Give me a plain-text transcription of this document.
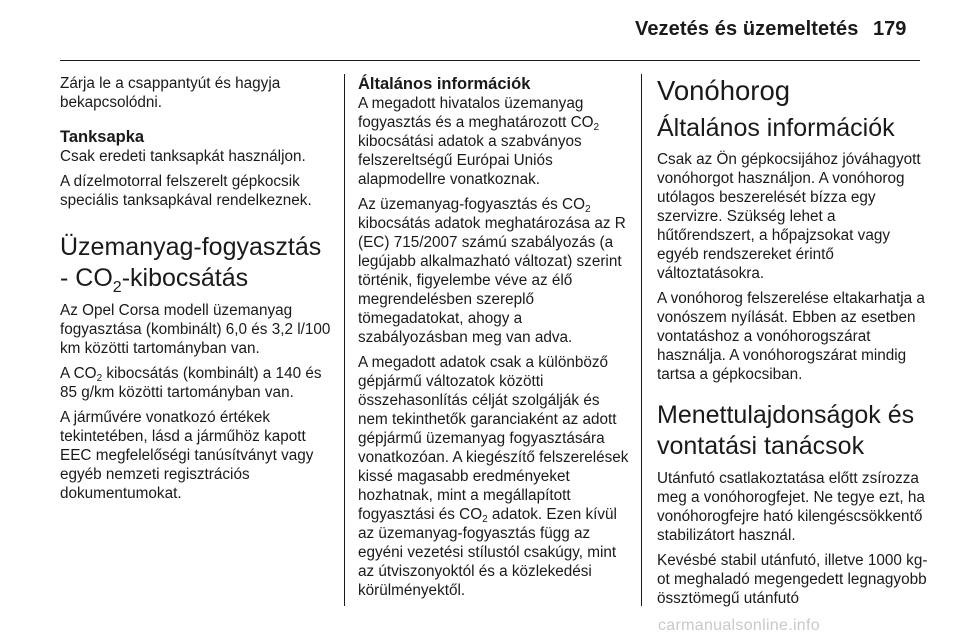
Vezetés és üzemeltetés 179

Zárja le a csappantyút és hagyja bekapcsolódni.

Tanksapka

Csak eredeti tanksapkát használjon.

A dízelmotorral felszerelt gépkocsik speciális tanksapkával rendelkeznek.

Üzemanyag-fogyasztás - $CO_2$-kibocsátás

Az Opel Corsa modell üzemanyag fogyasztása (kombinált) 6,0 és 3,2 l/100 km közötti tartományban van.

A $CO_2$ kibocsátás (kombinált) a 140 és 85 g/km közötti tartományban van.

A járművére vonatkozó értékek tekintetében, lásd a járműhöz kapott EEC megfelelőségi tanúsítványt vagy egyéb nemzeti regisztrációs dokumentumokat.

Általános információk

A megadott hivatalos üzemanyag fogyasztás és a meghatározott $CO_2$ kibocsátási adatok a szabványos felszereltségű Európai Uniós alapmodellre vonatkoznak.

Az üzemanyag-fogyasztás és $CO_2$ kibocsátás adatok meghatározása az R (EC) 715/2007 számú szabályozás (a legújabb alkalmazható változat) szerint történik, figyelembe véve az élő megrendelésben szereplő tömegadatokat, ahogy a szabályozásban meg van adva.

A megadott adatok csak a különböző gépjármű változatok közötti összehasonlítás célját szolgálják és nem tekinthetők garanciaként az adott gépjármű üzemanyag fogyasztására vonatkozóan. A kiegészítő felszerelések kissé magasabb eredményeket hozhatnak, mint a megállapított fogyasztási és $CO_2$ adatok. Ezen kívül az üzemanyag-fogyasztás függ az egyéni vezetési stílustól csakúgy, mint az útviszonyoktól és a közlekedési körülményektől.

Vonóhorog
Általános információk

Csak az Ön gépkocsijához jóváhagyott vonóhorgot használjon. A vonóhorog utólagos beszerelését bízza egy szervizre. Szükség lehet a hűtőrendszert, a hőpajzsokat vagy egyéb rendszereket érintő változtatásokra.

A vonóhorog felszerelése eltakarhatja a vonószem nyílását. Ebben az esetben vontatáshoz a vonóhorogszárat használja. A vonóhorogszárat mindig tartsa a gépkocsiban.

Menettulajdonságok és vontatási tanácsok

Utánfutó csatlakoztatása előtt zsírozza meg a vonóhorogfejet. Ne tegye ezt, ha vonóhorogfejre ható kilengéscsökkentő stabilizátort használ.

Kevésbé stabil utánfutó, illetve 1000 kg-ot meghaladó megengedett legnagyobb össztömegű utánfutó

carmanualsonline.info
